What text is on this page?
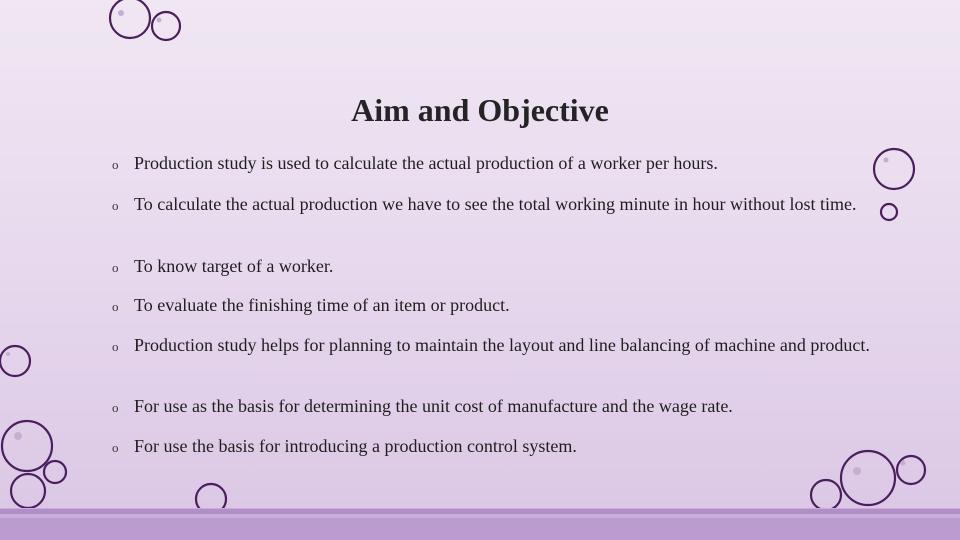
Aim and Objective
o Production study is used to calculate the actual production of a worker per hours.
o To calculate the actual production we have to see the total working minute in hour without lost time.
o To know target of a worker.
o To evaluate the finishing time of an item or product.
o Production study helps for planning to maintain the layout and line balancing of machine and product.
o For use as the basis for determining the unit cost of manufacture and the wage rate.
o For use the basis for introducing a production control system.
